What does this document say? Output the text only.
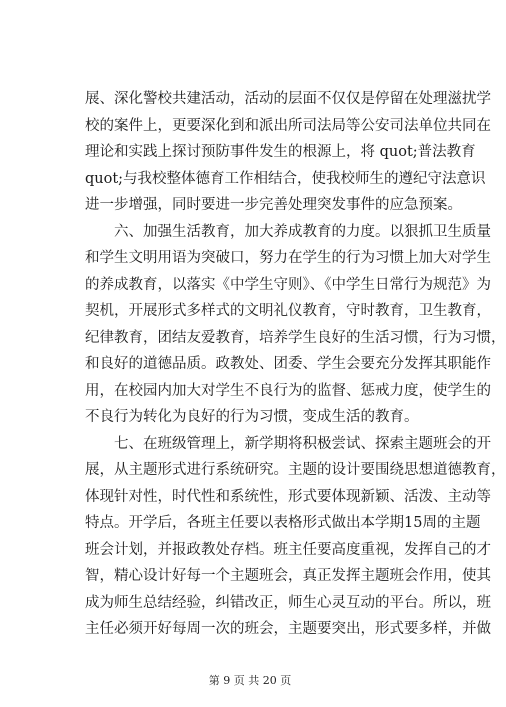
展、深化警校共建活动，活动的层面不仅仅是停留在处理滋扰学
校的案件上，更要深化到和派出所司法局等公安司法单位共同在
理论和实践上探讨预防事件发生的根源上，将 quot;普法教育
quot;与我校整体德育工作相结合，使我校师生的遵纪守法意识
进一步增强，同时要进一步完善处理突发事件的应急预案。
六、加强生活教育，加大养成教育的力度。以狠抓卫生质量
和学生文明用语为突破口，努力在学生的行为习惯上加大对学生
的养成教育，以落实《中学生守则》、《中学生日常行为规范》为
契机，开展形式多样式的文明礼仪教育，守时教育，卫生教育，
纪律教育，团结友爱教育，培养学生良好的生活习惯，行为习惯，
和良好的道德品质。政教处、团委、学生会要充分发挥其职能作
用，在校园内加大对学生不良行为的监督、惩戒力度，使学生的
不良行为转化为良好的行为习惯，变成生活的教育。
七、在班级管理上，新学期将积极尝试、探索主题班会的开
展，从主题形式进行系统研究。主题的设计要围绕思想道德教育，
体现针对性，时代性和系统性，形式要体现新颖、活泼、主动等
特点。开学后，各班主任要以表格形式做出本学期15周的主题
班会计划，并报政教处存档。班主任要高度重视，发挥自己的才
智，精心设计好每一个主题班会，真正发挥主题班会作用，使其
成为师生总结经验，纠错改正，师生心灵互动的平台。所以，班
主任必须开好每周一次的班会，主题要突出，形式要多样，并做
第 9 页 共 20 页
